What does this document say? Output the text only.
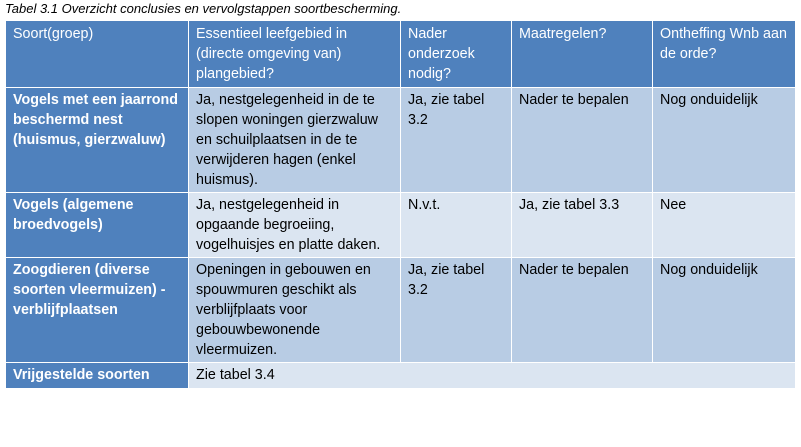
Tabel 3.1 Overzicht conclusies en vervolgstappen soortbescherming.
Soort(groep)	Essentieel leefgebied in (directe omgeving van) plangebied?	Nader onderzoek nodig?	Maatregelen?	Ontheffing Wnb aan de orde?
Vogels met een jaarrond beschermd nest (huismus, gierzwaluw)	Ja, nestgelegenheid in de te slopen woningen gierzwaluw en schuilplaatsen in de te verwijderen hagen (enkel huismus).	Ja, zie tabel 3.2	Nader te bepalen	Nog onduidelijk
Vogels (algemene broedvogels)	Ja, nestgelegenheid in opgaande begroeiing, vogelhuisjes en platte daken.	N.v.t.	Ja, zie tabel 3.3	Nee
Zoogdieren (diverse soorten vleermuizen) - verblijfplaatsen	Openingen in gebouwen en spouwmuren geschikt als verblijfplaats voor gebouwbewonende vleermuizen.	Ja, zie tabel 3.2	Nader te bepalen	Nog onduidelijk
Vrijgestelde soorten	Zie tabel 3.4			
